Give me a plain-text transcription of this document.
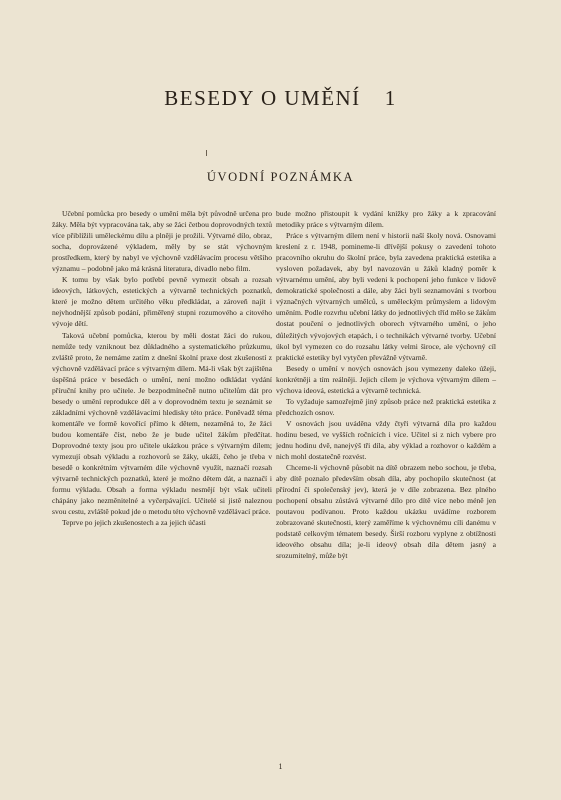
BESEDY O UMĚNÍ 1
ÚVODNÍ POZNÁMKA

Učební pomůcka pro besedy o umění měla být původně určena pro žáky. Měla být vypracována tak, aby se žáci četbou doprovodných textů více přiblížili uměleckému dílu a plněji je prožili. Výtvarné dílo, obraz, socha, doprovázené výkladem, měly by se stát výchovným prostředkem, který by nabyl ve výchovně vzdělávacím procesu většího významu – podobně jako má krásná literatura, divadlo nebo film.

K tomu by však bylo potřebí pevně vymezit obsah a rozsah ideových, látkových, estetických a výtvarně technických poznatků, které je možno dětem určitého věku předkládat, a zároveň najít i nejvhodnější způsob podání, přiměřený stupni rozumového a citového vývoje dětí.

Taková učební pomůcka, kterou by měli dostat žáci do rukou, nemůže tedy vzniknout bez důkladného a systematického průzkumu, zvláště proto, že nemáme zatím z dnešní školní praxe dost zkušeností z výchovně vzdělávací práce s výtvarným dílem. Má-li však být zajištěna úspěšná práce v besedách o umění, není možno odkládat vydání příruční knihy pro učitele. Je bezpodmínečně nutno učitelům dát pro besedy o umění reprodukce děl a v doprovodném textu je seznámit se základními výchovně vzdělávacími hledisky této práce. Poněvadž téma komentáře ve formě kovořící přímo k dětem, nezaměná to, že žáci budou komentáře číst, nebo že je bude učitel žákům předčítat. Doprovodné texty jsou pro učitele ukázkou práce s výtvarným dílem; vymezují obsah výkladu a rozhovorů se žáky, ukáží, čeho je třeba v besedě o konkrétním výtvarném díle výchovně využít, naznačí rozsah výtvarně technických poznatků, které je možno dětem dát, a naznačí i formu výkladu. Obsah a forma výkladu nesmějí být však učiteli chápány jako nezměnitelné a vyčerpávající. Učitelé si jistě naleznou svou cestu, zvláště pokud jde o metodu této výchovně vzdělávací práce.

Teprve po jejich zkušenostech a za jejich účasti

bude možno přistoupit k vydání knížky pro žáky a k zpracování metodiky práce s výtvarným dílem.

Práce s výtvarným dílem není v historii naší školy nová. Osnovami kreslení z r. 1948, pomineme-li dřívější pokusy o zavedení tohoto pracovního okruhu do školní práce, byla zavedena praktická estetika a vysloven požadavek, aby byl navozován u žáků kladný poměr k výtvarnému umění, aby byli vedeni k pochopení jeho funkce v lidově demokratické společnosti a dále, aby žáci byli seznamováni s tvorbou význačných výtvarných umělců, s uměleckým průmyslem a lidovým uměním. Podle rozvrhu učební látky do jednotlivých tříd mělo se žákům dostat poučení o jednotlivých oborech výtvarného umění, o jeho důležitých vývojových etapách, i o technikách výtvarné tvorby. Učební úkol byl vymezen co do rozsahu látky velmi široce, ale výchovný cíl praktické estetiky byl vytyčen převážně výtvarně.

Besedy o umění v nových osnovách jsou vymezeny daleko úžeji, konkrétněji a tím reálněji. Jejich cílem je výchova výtvarným dílem – výchova ideová, estetická a výtvarně technická.

To vyžaduje samozřejmě jiný způsob práce než praktická estetika z předchozích osnov.

V osnovách jsou uváděna vždy čtyři výtvarná díla pro každou hodinu besed, ve vyšších ročnících i více. Učitel si z nich vybere pro jednu hodinu dvě, nanejvýš tři díla, aby výklad a rozhovor o každém a nich mohl dostatečně rozvést.

Chceme-li výchovně působit na dítě obrazem nebo sochou, je třeba, aby dítě poznalo především obsah díla, aby pochopilo skutečnost (at přírodní či společenský jev), která je v díle zobrazena. Bez plného pochopení obsahu zůstává výtvarné dílo pro dítě více nebo méně jen poutavou podívanou. Proto každou ukázku uvádíme rozborem zobrazované skutečnosti, který zaměříme k výchovnému cíli danému v podstatě celkovým tématem besedy. Širší rozboru vyplyne z obtížnosti ideového obsahu díla; je-li ideový obsah díla dětem jasný a srozumitelný, může být

1
